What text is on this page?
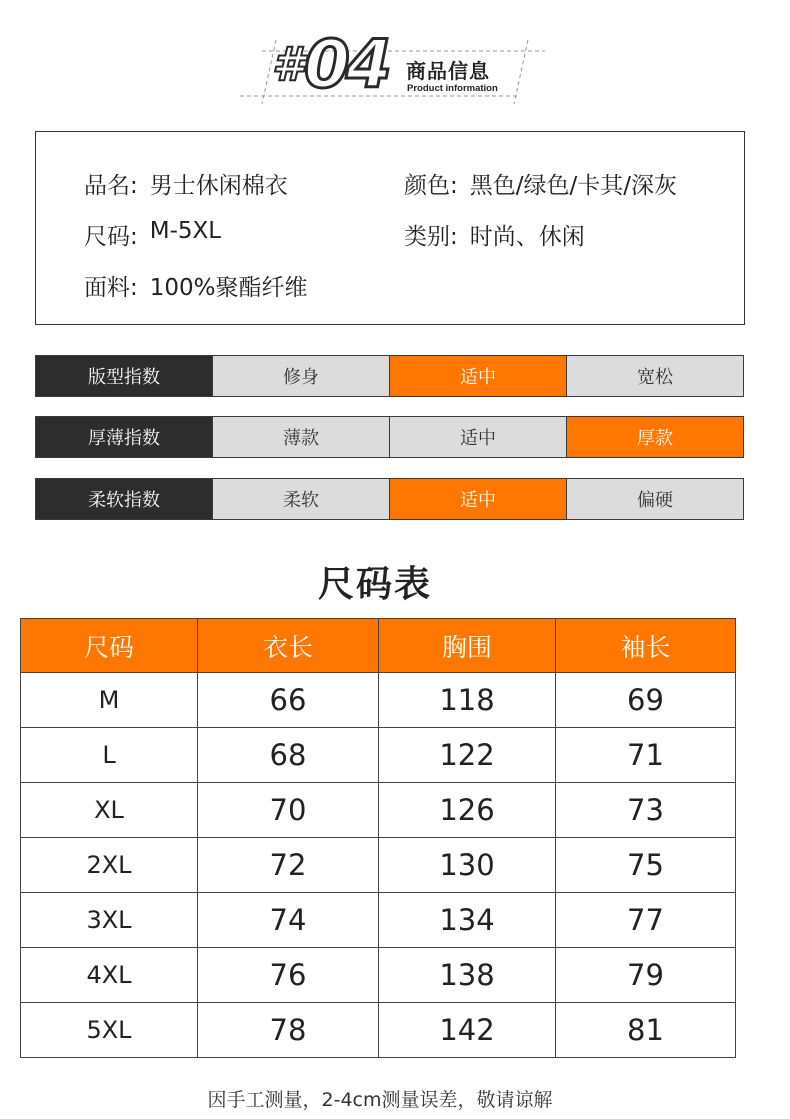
# 04 商品信息
Product information
品名: 男士休闲棉衣	颜色: 黑色/绿色/卡其/深灰
尺码: M-5XL	类别: 时尚、休闲
面料: 100%聚酯纤维
版型指数	修身	适中	宽松
厚薄指数	薄款	适中	厚款
柔软指数	柔软	适中	偏硬
尺码表
尺码	衣长	胸围	袖长
M	66	118	69
L	68	122	71
XL	70	126	73
2XL	72	130	75
3XL	74	134	77
4XL	76	138	79
5XL	78	142	81
因手工测量，2-4cm测量误差，敬请谅解
